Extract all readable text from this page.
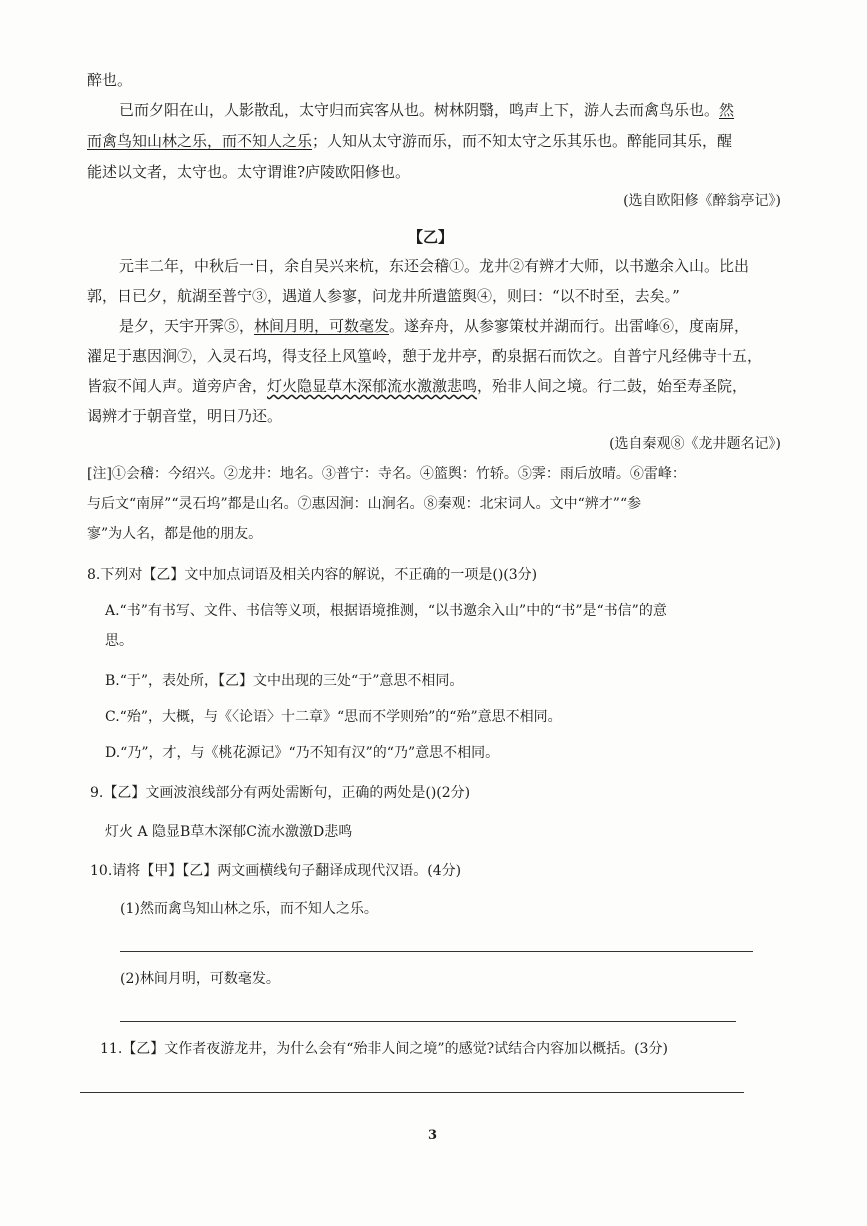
醉也。
已而夕阳在山，人影散乱，太守归而宾客从也。树林阴翳，鸣声上下，游人去而禽鸟乐也。然
而禽鸟知山林之乐，而不知人之乐；人知从太守游而乐，而不知太守之乐其乐也。醉能同其乐，醒
能述以文者，太守也。太守谓谁?庐陵欧阳修也。
(选自欧阳修《醉翁亭记》)
【乙】
元丰二年，中秋后一日，余自吴兴来杭，东还会稽①。龙井②有辨才大师，以书邀余入山。比出
郭，日已夕，航湖至普宁③，遇道人参寥，问龙井所遣篮舆④，则曰：“以不时至，去矣。”
是夕，天宇开霁⑤，林间月明，可数毫发。遂弃舟，从参寥策杖并湖而行。出雷峰⑥，度南屏，
濯足于惠因涧⑦，入灵石坞，得支径上风篁岭，憩于龙井亭，酌泉据石而饮之。自普宁凡经佛寺十五，
皆寂不闻人声。道旁庐舍，灯火隐显草木深郁流水激激悲鸣，殆非人间之境。行二鼓，始至寿圣院，
谒辨才于朝音堂，明日乃还。
(选自秦观⑧《龙井题名记》)
[注]①会稽：今绍兴。②龙井：地名。③普宁：寺名。④篮舆：竹轿。⑤霁：雨后放晴。⑥雷峰：
与后文“南屏”“灵石坞”都是山名。⑦惠因涧：山涧名。⑧秦观：北宋词人。文中“辨才”“参
寥”为人名，都是他的朋友。
8.下列对【乙】文中加点词语及相关内容的解说，不正确的一项是()(3分)
A.“书”有书写、文件、书信等义项，根据语境推测，“以书邀余入山”中的“书”是“书信”的意
思。
B.“于”，表处所，【乙】文中出现的三处“于”意思不相同。
C.“殆”，大概，与《〈论语〉十二章》“思而不学则殆”的“殆”意思不相同。
D.“乃”，才，与《桃花源记》“乃不知有汉”的“乃”意思不相同。
9.【乙】文画波浪线部分有两处需断句，正确的两处是()(2分)
灯火 A 隐显B草木深郁C流水激激D悲鸣
10.请将【甲】【乙】两文画横线句子翻译成现代汉语。(4分)
(1)然而禽鸟知山林之乐，而不知人之乐。
(2)林间月明，可数毫发。
11.【乙】文作者夜游龙井，为什么会有“殆非人间之境”的感觉?试结合内容加以概括。(3分)
3
